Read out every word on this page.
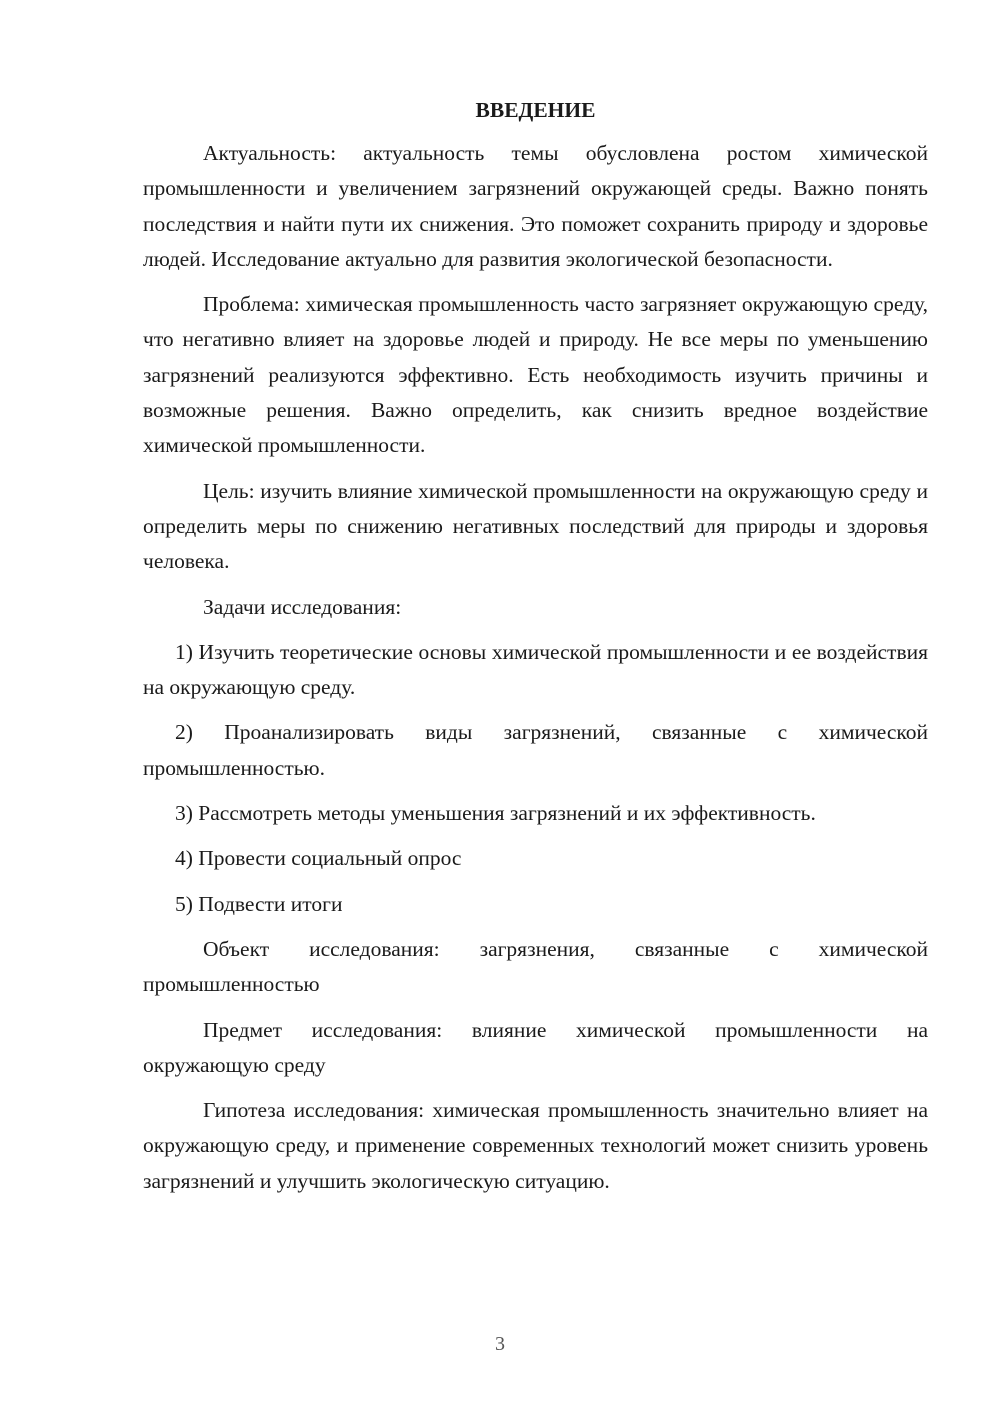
ВВЕДЕНИЕ

Актуальность: актуальность темы обусловлена ростом химической промышленности и увеличением загрязнений окружающей среды. Важно понять последствия и найти пути их снижения. Это поможет сохранить природу и здоровье людей. Исследование актуально для развития экологической безопасности.

Проблема: химическая промышленность часто загрязняет окружающую среду, что негативно влияет на здоровье людей и природу. Не все меры по уменьшению загрязнений реализуются эффективно. Есть необходимость изучить причины и возможные решения. Важно определить, как снизить вредное воздействие химической промышленности.

Цель: изучить влияние химической промышленности на окружающую среду и определить меры по снижению негативных последствий для природы и здоровья человека.

Задачи исследования:

1) Изучить теоретические основы химической промышленности и ее воздействия на окружающую среду.

2) Проанализировать виды загрязнений, связанные с химической промышленностью.

3) Рассмотреть методы уменьшения загрязнений и их эффективность.

4) Провести социальный опрос

5) Подвести итоги

Объект исследования: загрязнения, связанные с химической промышленностью

Предмет исследования: влияние химической промышленности на окружающую среду

Гипотеза исследования: химическая промышленность значительно влияет на окружающую среду, и применение современных технологий может снизить уровень загрязнений и улучшить экологическую ситуацию.

3
